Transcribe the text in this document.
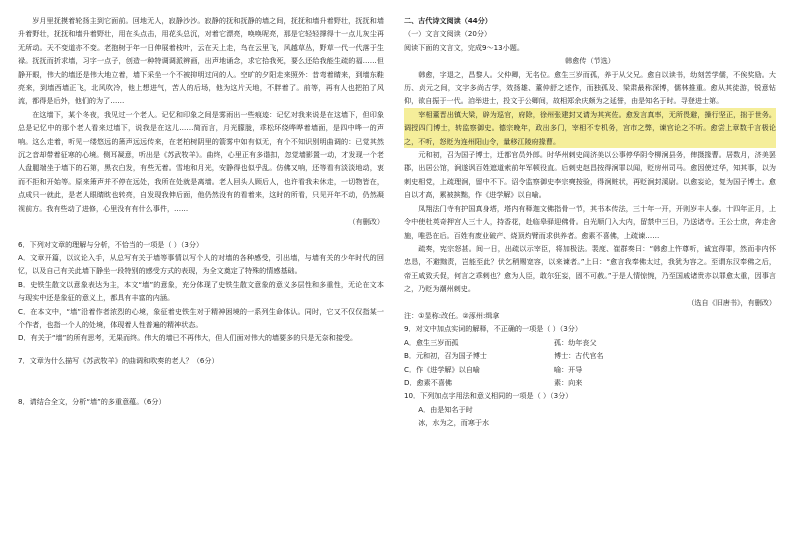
岁月里抚摸着轮扬主到它面前。回地无人，寂静沙沙。寂静的抚和抚静的墙之间，抚抚和墙升着野壮，抚抚和墙升着野壮，抚抚和墙升着野壮，用在头点击，用花头总沉，对着它漂亮，唤唤呢亮，那是它轻轻撑得十一点儿灰尘再无所动。天不变道亦不变。老抱树于年一日伸展着枝叶，云在天上走，鸟在云里飞，风越草丛，野草一代一代落于生禄。抚抚而折求墙，习字一点子，创造一种特调调派辨画，出声地诵念，求它拾我死，要么还给我能生疏的福……但静开眼，伟大的墙还是伟大地立着，墙下采坐一个不被抑明过问的人。空旷的夕阳走来照外：昔弯着睛来，到墙东鞋亮来，到墙西墙正飞，北风吹冷，他上想进气，苦人的后场，他为这片天地，不胖着了。前等，再有人也把拍了风流，都得是后外，他们的为了……

在这墙下，某个冬夜，我见过一个老人。记忆和印象之间是雾雨出一些痕迹：记忆对我来说是在这墙下，但印象总是记忆中的那个老人看来过墙下，说我是在这儿……简而言，月光朦胧，乖松环绕哗哗着墙面，是四中哗一的声响。这么走着，听见一缕悠远的箫声远远传来，在老柏树阴里的箭雾中如有似无，有个不知识别明曲调的：已觉其然沉之音却带着征寒的心境。侧耳凝意，听出是《苏武牧羊》。曲终，心里正有多谐扣，忽觉墙影置一动，才发现一个老人盘腿端坐于墙下的石第，黑衣白发，有些无着。雪地和月光，安静得也似乎乱。仿佛又响，还等看有淡淡地动，衷而不拒和开始等。原来箫声并不停在远处，我所在处就是离墙。老人回头人顾后人，也许看我未休走，一切物皆在，点成只一就此，是老人眼睛眈也转亮，自发现我伸后面，他仍然没有的看着来，这时的所看，只见开年不动，仍然凝视前方。我有些动了进修，心里没有有什么事件，……

（有删改）

6．下列对文章的理解与分析，不恰当的一项是（ ）（3分）

A．文章开篇，以议论入手，从总写有关于墙等事情以写个人的对墙的各种感受，引出墙，与墙有关的少年时代的回忆，以及自己有关此墙下静坐一段特别的感受方式的表现，为全文奠定了特殊的情感基础。

B．史铁生散文以意象表达为主，本文“墙”的意象，充分体现了史铁生散文意象的意义多层性和多重性，无论在文本与现实中还是象征的意义上，都具有丰富的内涵。

C．在本文中，“墙”沿着作者浓烈的心境，象征着史铁生对于精神困境的一系列生命体认。同时，它又不仅仅指某一个作者，也指一个人的处境，体现着人性普遍的精神状态。

D．有关于“墙”的所有思考，无果而终。伟大的墙已不再伟大，但人们面对伟大的墙要多的只是无奈和接受。

7．文章为什么描写《苏武牧羊》的曲调和吹奏的老人？（6分）

8．请结合全文，分析“墙”的多重意蕴。（6分）

二、古代诗文阅读（44分）

（一）文言文阅读（20分）

阅读下面的文言文，完成9～13小题。

韩愈传（节选）

韩愈，字退之，昌黎人。父仲卿，无名位。愈生三岁而孤，养于从父兄。愈自以读书，幼刻苦学儒，不俟奖励。大历、贞元之间，文字多尚古学，效扬雄、董仲舒之述作，而独孤及、梁肃最称深博，儒林推重。愈从其徒游，锐意钻仰，欲自振于一代。洎举进士，投文于公卿间，故相郑余庆颇为之延誉，由是知名于时。寻登进士第。

宰相董晋出镇大梁，辟为巡官，府除，徐州张建封又请为其宾佐。愈发言真率，无所畏避，操行坚正，拙于世务。调授四门博士，转监察御史。德宗晚年，政出多门，宰相不专机务，宫市之弊，谏官论之不听。愈尝上章数千言极论之，不听，怒贬为连州阳山令，量移江陵府掾曹。

元和初，召为国子博士，迁都官员外郎。时华州刺史阎济美以公事停华阴令柳涧县务，俾摄掾曹。居数月，济美罢郡，出居公馆，涧遂讽百姓遮道索前年军顿役直。后刺史赵昌按得涧罪以闻，贬房州司马。愈因使过华，知其事，以为刺史相党，上疏理涧，留中不下。诏令监察御史李宗奭按验，得涧赃状，再贬涧封溪尉。以愈妄论，复为国子博士。愈自以才高，累被摈黜，作《进学解》以自喻。

凤翔法门寺有护国真身塔，塔内有释迦文佛指骨一节，其书本传法，三十年一开，开则岁丰人泰。十四年正月，上令中使杜英奇押宫人三十人，持香花，赴临皋驿迎佛骨。自光顺门入大内，留禁中三日，乃送诸寺。王公士庶，奔走舍施，唯恐在后。百姓有废业破产、烧顶灼臂而求供养者。愈素不喜佛，上疏谏……

疏奏，宪宗怒甚。间一日，出疏以示宰臣，将加极法。裴度、崔群奏曰：“韩愈上忤尊听，诚宜得罪，然而非内怀忠恳，不避黜责，岂能至此？伏乞稍赐宽容，以来谏者。”上曰：“愈言我奉佛太过，我犹为容之。至谓东汉奉佛之后，帝王咸致夭促，何言之乖剌也？愈为人臣，敢尔狂妄，固不可赦。”于是人情惊惋，乃至国戚诸贵亦以罪愈太重，因事言之，乃贬为潮州刺史。

（选自《旧唐书》，有删改）

注：①显称:改任。②涿州:缉拿

9．对文中加点实词的解释，不正确的一项是（ ）（3分）

A．愈生三岁而孤	孤：幼年丧父
B．元和初，召为国子博士	博士：古代官名
C．作《进学解》以自喻	喻：开导
D．愈素不喜佛	素：向来

10．下列加点字用法和意义相同的一项是（ ）（3分）

A．由是知名于时

冰，水为之，而寒于水
